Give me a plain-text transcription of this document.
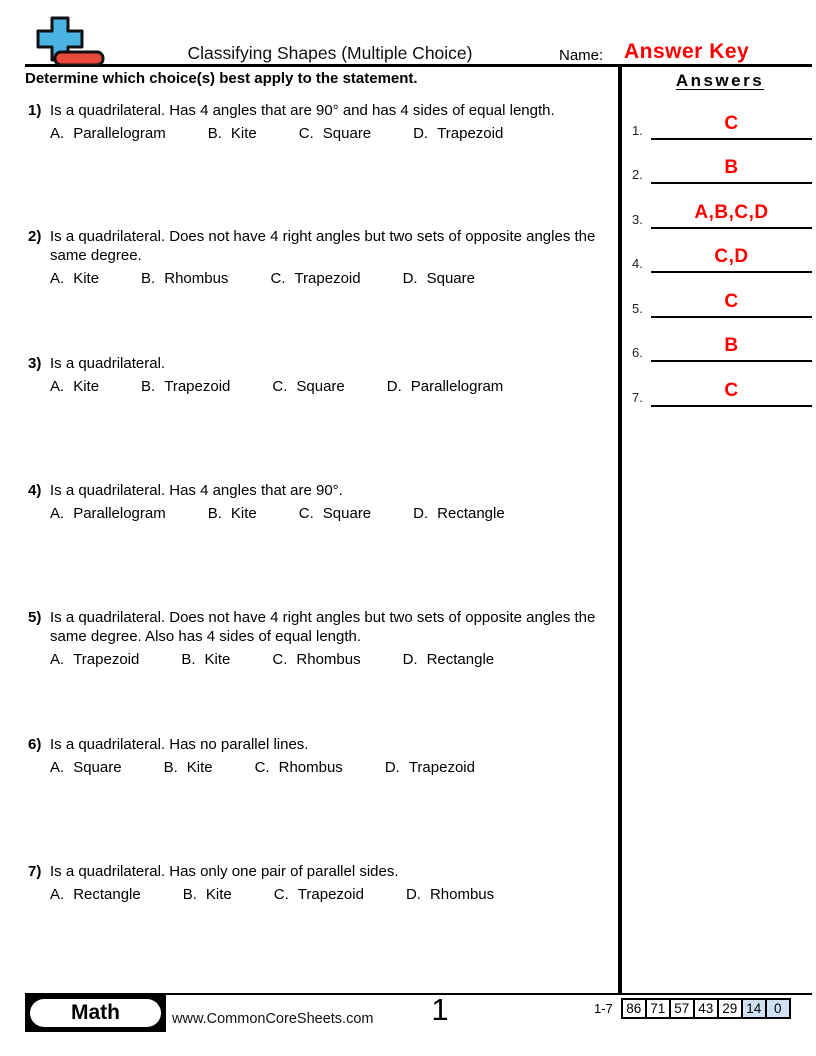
Classifying Shapes (Multiple Choice)	Name: Answer Key
Determine which choice(s) best apply to the statement.	Answers
1.	C
2.	B
3.	A,B,C,D
4.	C,D
5.	C
6.	B
7.	C
1) Is a quadrilateral. Has 4 angles that are 90° and has 4 sides of equal length.
A. Parallelogram	B. Kite	C. Square	D. Trapezoid
2) Is a quadrilateral. Does not have 4 right angles but two sets of opposite angles the same degree.
A. Kite	B. Rhombus	C. Trapezoid	D. Square
3) Is a quadrilateral.
A. Kite	B. Trapezoid	C. Square	D. Parallelogram
4) Is a quadrilateral. Has 4 angles that are 90°.
A. Parallelogram	B. Kite	C. Square	D. Rectangle
5) Is a quadrilateral. Does not have 4 right angles but two sets of opposite angles the same degree. Also has 4 sides of equal length.
A. Trapezoid	B. Kite	C. Rhombus	D. Rectangle
6) Is a quadrilateral. Has no parallel lines.
A. Square	B. Kite	C. Rhombus	D. Trapezoid
7) Is a quadrilateral. Has only one pair of parallel sides.
A. Rectangle	B. Kite	C. Trapezoid	D. Rhombus
Math	www.CommonCoreSheets.com	1	1-7 86 71 57 43 29 14 0
